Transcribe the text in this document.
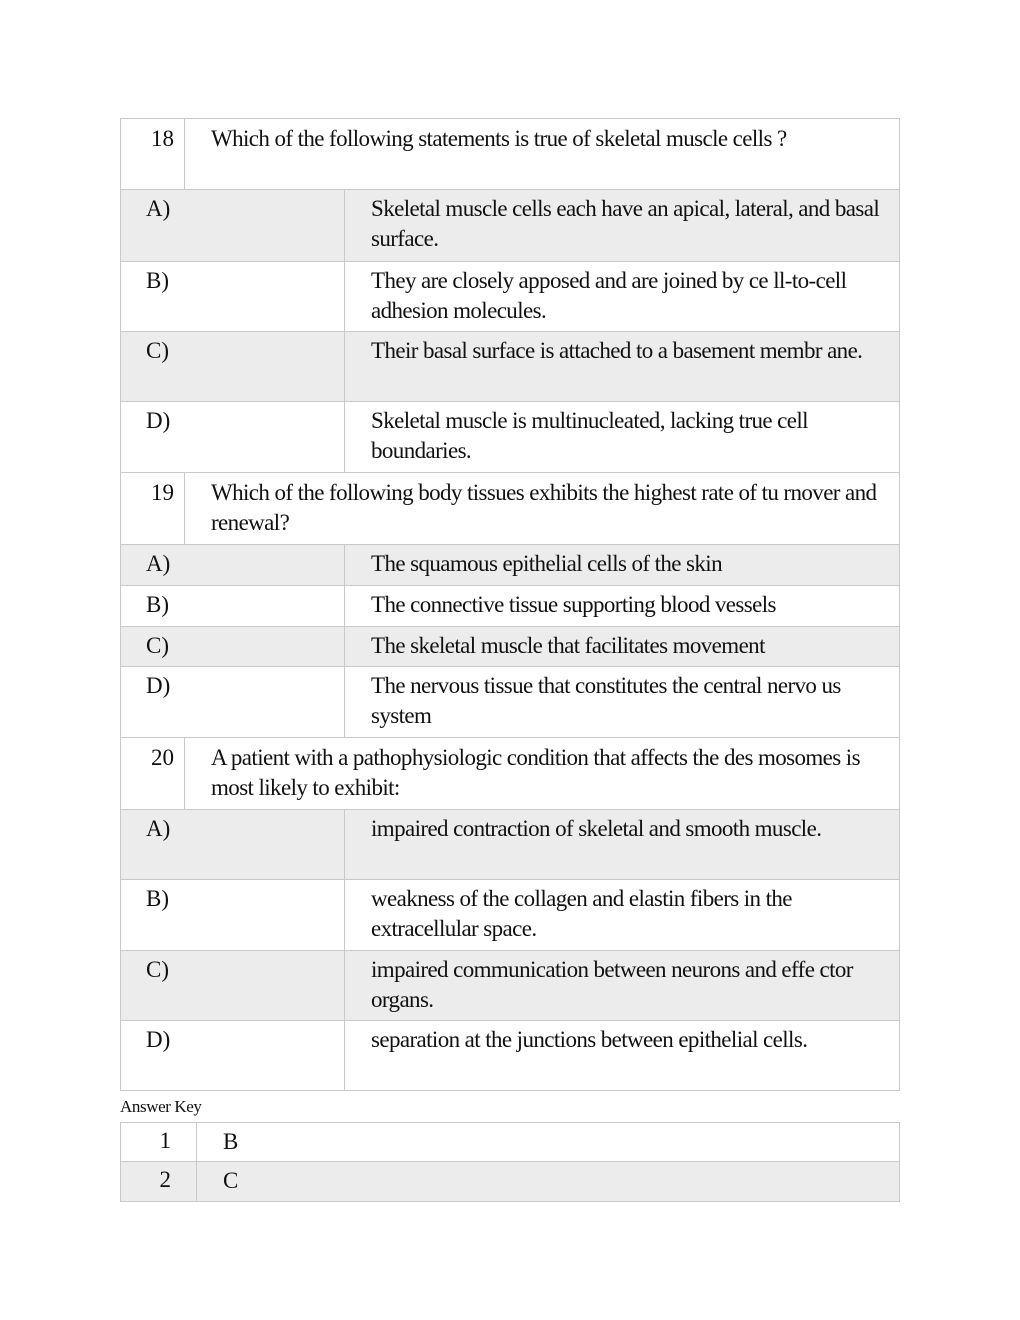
18	Which of the following statements is true of skeletal muscle cells ?
A)	Skeletal muscle cells each have an apical, lateral, and basal surface.
B)	They are closely apposed and are joined by ce ll-to-cell adhesion molecules.
C)	Their basal surface is attached to a basement membr ane.
D)	Skeletal muscle is multinucleated, lacking true cell boundaries.
19	Which of the following body tissues exhibits the highest rate of tu rnover and renewal?
A)	The squamous epithelial cells of the skin
B)	The connective tissue supporting blood vessels
C)	The skeletal muscle that facilitates movement
D)	The nervous tissue that constitutes the central nervo us system
20	A patient with a pathophysiologic condition that affects the des mosomes is most likely to exhibit:
A)	impaired contraction of skeletal and smooth muscle.
B)	weakness of the collagen and elastin fibers in the extracellular space.
C)	impaired communication between neurons and effe ctor organs.
D)	separation at the junctions between epithelial cells.
Answer Key
1	B
2	C
